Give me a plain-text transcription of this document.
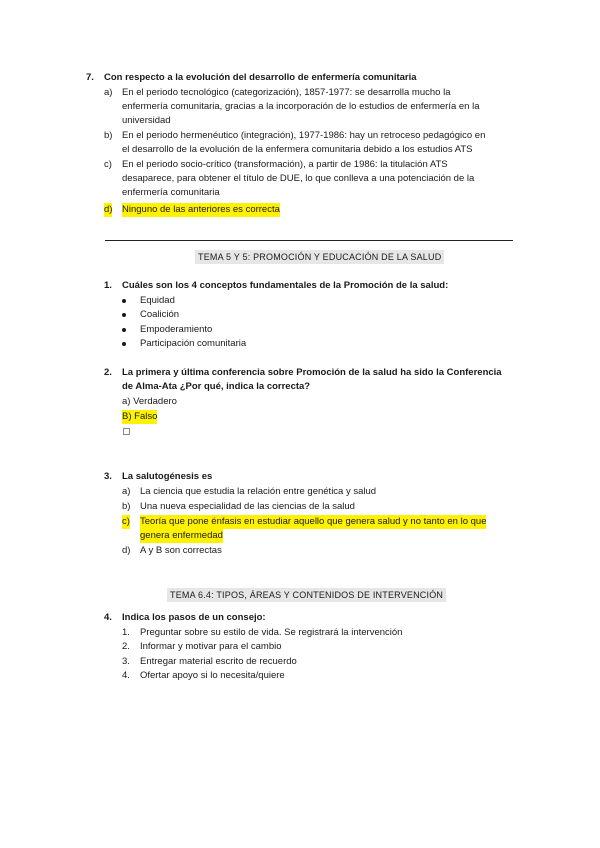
7. Con respecto a la evolución del desarrollo de enfermería comunitaria
a) En el periodo tecnológico (categorización), 1857-1977: se desarrolla mucho la
enfermería comunitaria, gracias a la incorporación de lo estudios de enfermería en la
universidad
b) En el periodo hermenéutico (integración), 1977-1986: hay un retroceso pedagógico en
el desarrollo de la evolución de la enfermera comunitaria debido a los estudios ATS
c) En el periodo socio-crítico (transformación), a partir de 1986: la titulación ATS
desaparece, para obtener el título de DUE, lo que conlleva a una potenciación de la
enfermería comunitaria
d) Ninguno de las anteriores es correcta
TEMA 5 Y 5: PROMOCIÓN Y EDUCACIÓN DE LA SALUD
1. Cuáles son los 4 conceptos fundamentales de la Promoción de la salud:
Equidad
Coalición
Empoderamiento
Participación comunitaria
2. La primera y última conferencia sobre Promoción de la salud ha sido la Conferencia
de Alma-Ata ¿Por qué, indica la correcta?
a) Verdadero
B) Falso
3. La salutogénesis es
a) La ciencia que estudia la relación entre genética y salud
b) Una nueva especialidad de las ciencias de la salud
c) Teoría que pone énfasis en estudiar aquello que genera salud y no tanto en lo que
genera enfermedad
d) A y B son correctas
TEMA 6.4: TIPOS, ÁREAS Y CONTENIDOS DE INTERVENCIÓN
4. Indica los pasos de un consejo:
1. Preguntar sobre su estilo de vida. Se registrará la intervención
2. Informar y motivar para el cambio
3. Entregar material escrito de recuerdo
4. Ofertar apoyo si lo necesita/quiere
